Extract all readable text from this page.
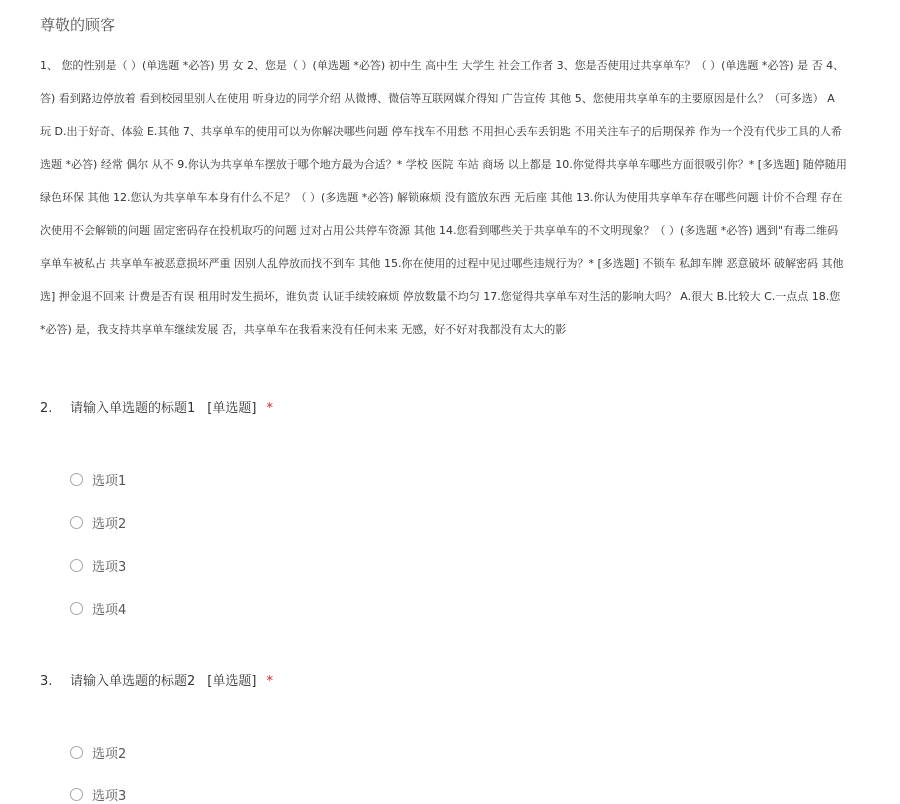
尊敬的顾客
1、 您的性别是（ ）(单选题 *必答) 男 女 2、您是（ ）(单选题 *必答) 初中生 高中生 大学生 社会工作者 3、您是否使用过共享单车？（ ）(单选题 *必答) 是 否 4、
答) 看到路边停放着 看到校园里别人在使用 听身边的同学介绍 从微博、微信等互联网媒介得知 广告宣传 其他 5、您使用共享单车的主要原因是什么？（可多选） A
玩 D.出于好奇、体验 E.其他 7、共享单车的使用可以为你解决哪些问题 停车找车不用愁 不用担心丢车丢钥匙 不用关注车子的后期保养 作为一个没有代步工具的人希
选题 *必答) 经常 偶尔 从不 9.你认为共享单车摆放于哪个地方最为合适？* 学校 医院 车站 商场 以上都是 10.你觉得共享单车哪些方面很吸引你？* [多选题] 随停随用
绿色环保 其他 12.您认为共享单车本身有什么不足？（ ）(多选题 *必答) 解锁麻烦 没有篮放东西 无后座 其他 13.你认为使用共享单车存在哪些问题 计价不合理 存在
次使用不会解锁的问题 固定密码存在投机取巧的问题 过对占用公共停车资源 其他 14.您看到哪些关于共享单车的不文明现象？（ ）(多选题 *必答) 遇到"有毒二维码
享单车被私占 共享单车被恶意损坏严重 因别人乱停放而找不到车 其他 15.你在使用的过程中见过哪些违规行为？* [多选题] 不锁车 私卸车牌 恶意破坏 破解密码 其他
选] 押金退不回来 计费是否有误 租用时发生损坏，谁负责 认证手续较麻烦 停放数量不均匀 17.您觉得共享单车对生活的影响大吗？ A.很大 B.比较大 C.一点点 18.您
*必答) 是，我支持共享单车继续发展 否，共享单车在我看来没有任何未来 无感，好不好对我都没有太大的影
2. 请输入单选题的标题1 [单选题] *
选项1
选项2
选项3
选项4
3. 请输入单选题的标题2 [单选题] *
选项2
选项3
